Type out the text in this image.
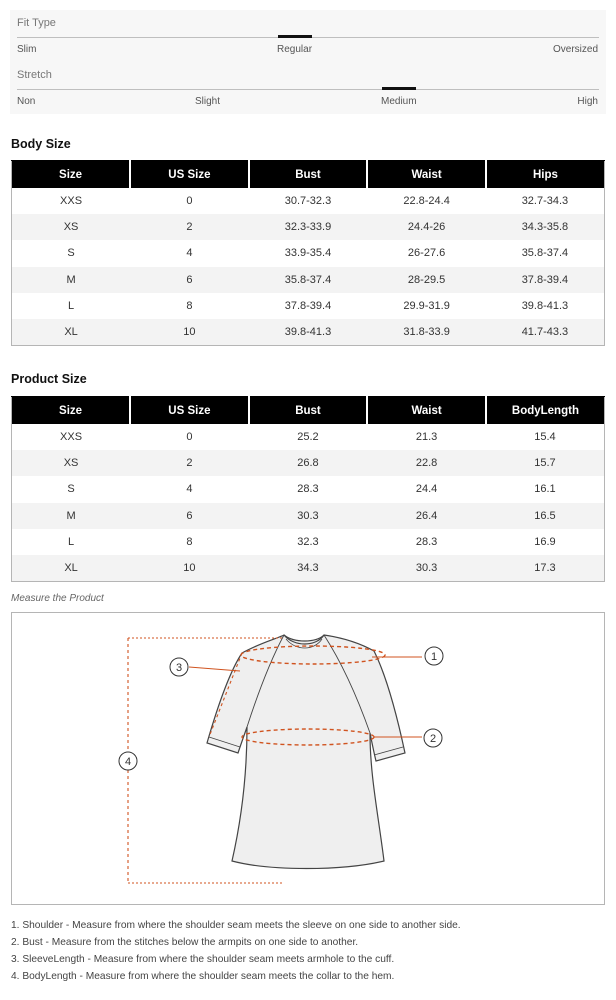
Fit Type
Slim	Regular	Oversized
Stretch
Non	Slight	Medium	High
Body Size
Size	US Size	Bust	Waist	Hips
XXS	0	30.7-32.3	22.8-24.4	32.7-34.3
XS	2	32.3-33.9	24.4-26	34.3-35.8
S	4	33.9-35.4	26-27.6	35.8-37.4
M	6	35.8-37.4	28-29.5	37.8-39.4
L	8	37.8-39.4	29.9-31.9	39.8-41.3
XL	10	39.8-41.3	31.8-33.9	41.7-43.3
Product Size
Size	US Size	Bust	Waist	BodyLength
XXS	0	25.2	21.3	15.4
XS	2	26.8	22.8	15.7
S	4	28.3	24.4	16.1
M	6	30.3	26.4	16.5
L	8	32.3	28.3	16.9
XL	10	34.3	30.3	17.3
Measure the Product
1
2
3
4
1. Shoulder - Measure from where the shoulder seam meets the sleeve on one side to another side.
2. Bust - Measure from the stitches below the armpits on one side to another.
3. SleeveLength - Measure from where the shoulder seam meets armhole to the cuff.
4. BodyLength - Measure from where the shoulder seam meets the collar to the hem.
